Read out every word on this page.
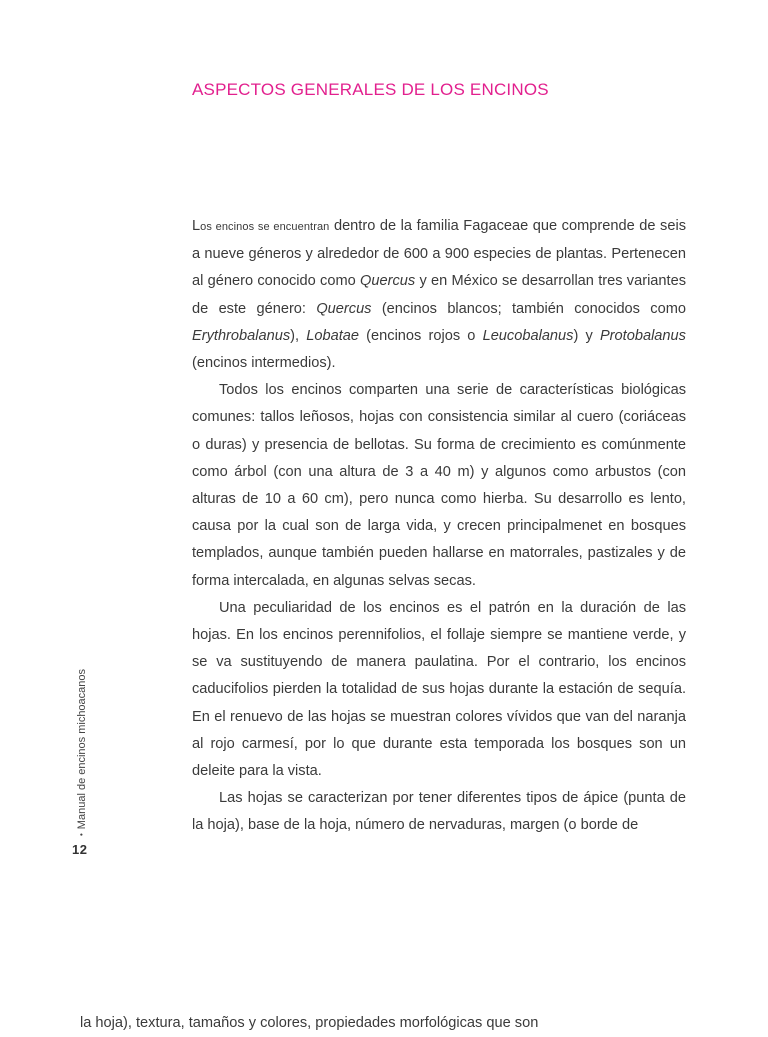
ASPECTOS GENERALES DE LOS ENCINOS

Los encinos se encuentran dentro de la familia Fagaceae que comprende de seis a nueve géneros y alrededor de 600 a 900 especies de plantas. Pertenecen al género conocido como Quercus y en México se desarrollan tres variantes de este género: Quercus (encinos blancos; también conocidos como Erythrobalanus), Lobatae (encinos rojos o Leucobalanus) y Protobalanus (encinos intermedios).

Todos los encinos comparten una serie de características biológicas comunes: tallos leñosos, hojas con consistencia similar al cuero (coriáceas o duras) y presencia de bellotas. Su forma de crecimiento es comúnmente como árbol (con una altura de 3 a 40 m) y algunos como arbustos (con alturas de 10 a 60 cm), pero nunca como hierba. Su desarrollo es lento, causa por la cual son de larga vida, y crecen principalmenet en bosques templados, aunque también pueden hallarse en matorrales, pastizales y de forma intercalada, en algunas selvas secas.

Una peculiaridad de los encinos es el patrón en la duración de las hojas. En los encinos perennifolios, el follaje siempre se mantiene verde, y se va sustituyendo de manera paulatina. Por el contrario, los encinos caducifolios pierden la totalidad de sus hojas durante la estación de sequía. En el renuevo de las hojas se muestran colores vívidos que van del naranja al rojo carmesí, por lo que durante esta temporada los bosques son un deleite para la vista.

Las hojas se caracterizan por tener diferentes tipos de ápice (punta de la hoja), base de la hoja, número de nervaduras, margen (o borde de

•Manual de encinos michoacanos
12

la hoja), textura, tamaños y colores, propiedades morfológicas que son
